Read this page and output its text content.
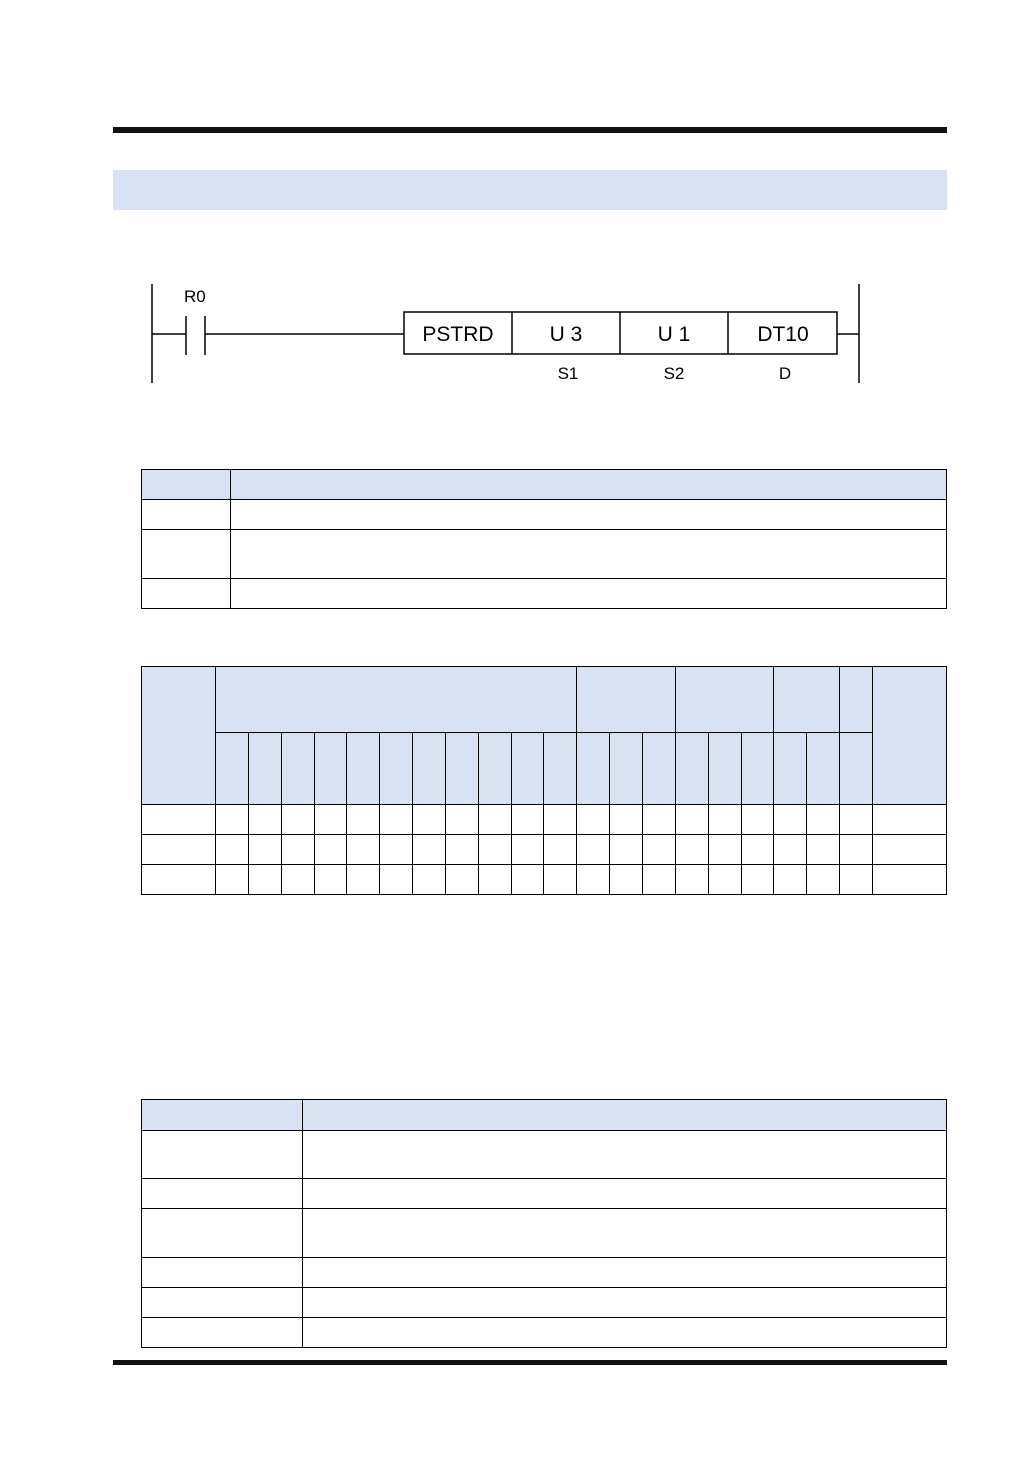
R0
PSTRD	U 3	U 1	DT10
S1	S2	D
